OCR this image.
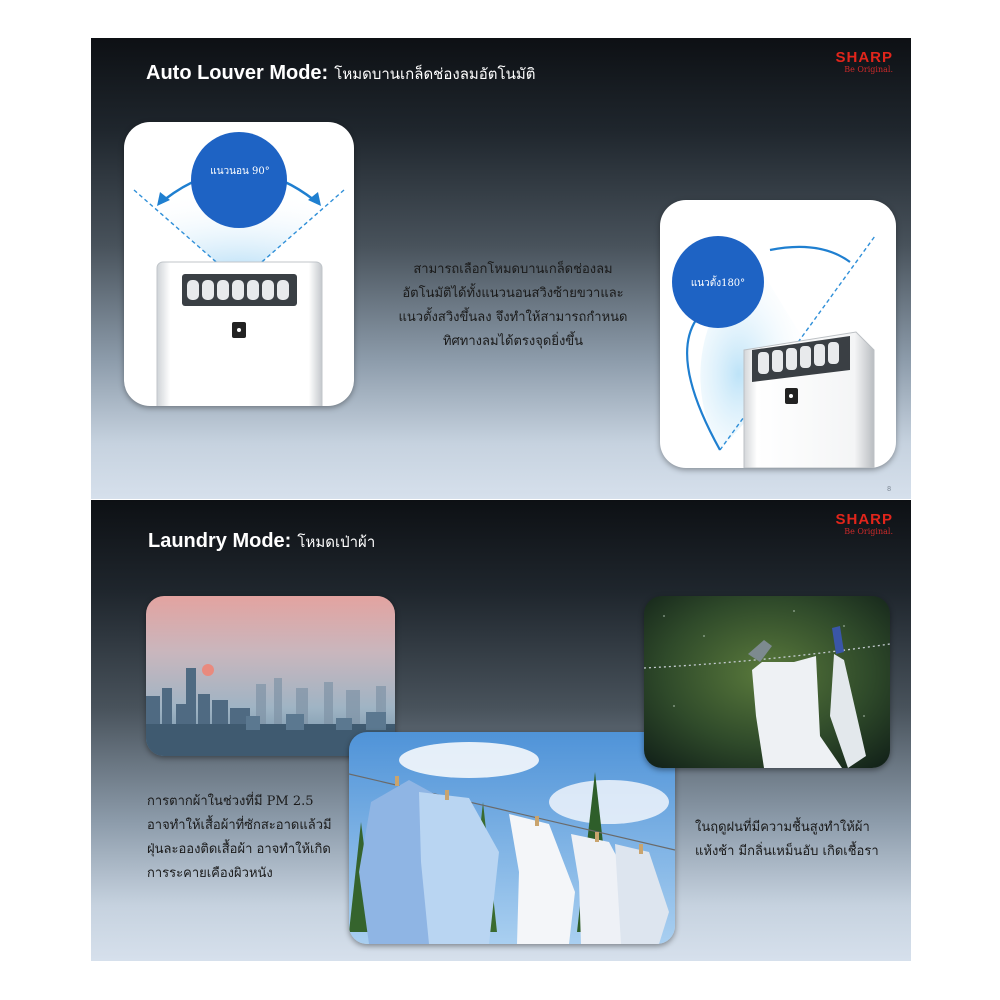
Auto Louver Mode: โหมดบานเกล็ดช่องลมอัตโนมัติ
SHARP
Be Original.
แนวนอน 90°
สามารถเลือกโหมดบานเกล็ดช่องลม
อัตโนมัติได้ทั้งแนวนอนสวิงซ้ายขวาและ
แนวตั้งสวิงขึ้นลง จึงทำให้สามารถกำหนด
ทิศทางลมได้ตรงจุดยิ่งขึ้น
แนวตั้ง180°
8
Laundry Mode: โหมดเป่าผ้า
SHARP
Be Original.
การตากผ้าในช่วงที่มี PM 2.5
อาจทำให้เสื้อผ้าที่ซักสะอาดแล้วมี
ฝุ่นละอองติดเสื้อผ้า อาจทำให้เกิด
การระคายเคืองผิวหนัง
ในฤดูฝนที่มีความชื้นสูงทำให้ผ้า
แห้งช้า มีกลิ่นเหม็นอับ เกิดเชื้อรา
